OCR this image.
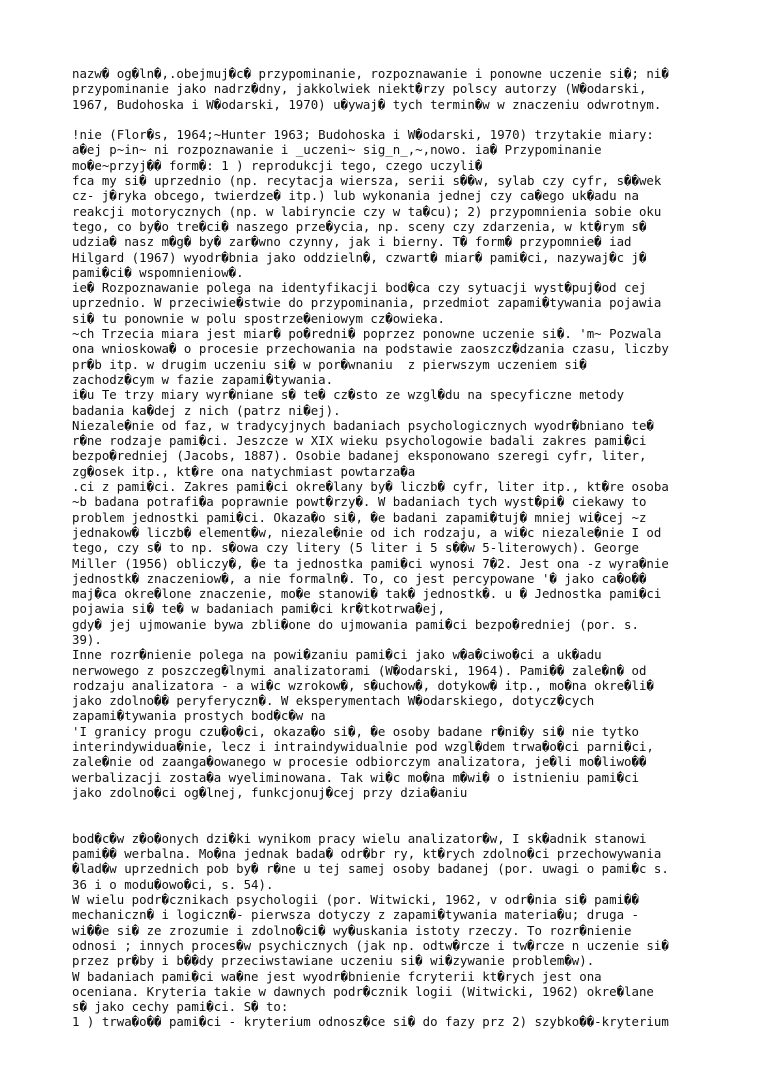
nazw� og�ln�,.obejmuj�c� przypominanie, rozpoznawanie i ponowne uczenie si�; ni�
przypominanie jako nadrz�dny, jakkolwiek niekt�rzy polscy autorzy (W�odarski,
1967, Budohoska i W�odarski, 1970) u�ywaj� tych termin�w w znaczeniu odwrotnym.
!nie (Flor�s, 1964;~Hunter 1963; Budohoska i W�odarski, 1970) trzytakie miary:
a�ej p~in~ ni rozpoznawanie i _uczeni~ sig_n_,~,nowo. ia� Przypominanie
mo�e~przyj�� form�: 1 ) reprodukcji tego, czego uczyli�
fca my si� uprzednio (np. recytacja wiersza, serii s��w, sylab czy cyfr, s��wek
cz- j�ryka obcego, twierdze� itp.) lub wykonania jednej czy ca�ego uk�adu na
reakcji motorycznych (np. w labiryncie czy w ta�cu); 2) przypomnienia sobie oku
tego, co by�o tre�ci� naszego prze�ycia, np. sceny czy zdarzenia, w kt�rym s�
udzia� nasz m�g� by� zar�wno czynny, jak i bierny. T� form� przypomnie� iad
Hilgard (1967) wyodr�bnia jako oddzieln�, czwart� miar� pami�ci, nazywaj�c j�
pami�ci� wspomnieniow�.
ie� Rozpoznawanie polega na identyfikacji bod�ca czy sytuacji wyst�puj�od cej
uprzednio. W przeciwie�stwie do przypominania, przedmiot zapami�tywania pojawia
si� tu ponownie w polu spostrze�eniowym cz�owieka.
~ch Trzecia miara jest miar� po�redni� poprzez ponowne uczenie si�. 'm~ Pozwala
ona wnioskowa� o procesie przechowania na podstawie zaoszcz�dzania czasu, liczby
pr�b itp. w drugim uczeniu si� w por�wnaniu  z pierwszym uczeniem si�
zachodz�cym w fazie zapami�tywania.
i�u Te trzy miary wyr�niane s� te� cz�sto ze wzgl�du na specyficzne metody
badania ka�dej z nich (patrz ni�ej).
Niezale�nie od faz, w tradycyjnych badaniach psychologicznych wyodr�bniano te�
r�ne rodzaje pami�ci. Jeszcze w XIX wieku psychologowie badali zakres pami�ci
bezpo�redniej (Jacobs, 1887). Osobie badanej eksponowano szeregi cyfr, liter,
zg�osek itp., kt�re ona natychmiast powtarza�a
.ci z pami�ci. Zakres pami�ci okre�lany by� liczb� cyfr, liter itp., kt�re osoba
~b badana potrafi�a poprawnie powt�rzy�. W badaniach tych wyst�pi� ciekawy to
problem jednostki pami�ci. Okaza�o si�, �e badani zapami�tuj� mniej wi�cej ~z
jednakow� liczb� element�w, niezale�nie od ich rodzaju, a wi�c niezale�nie I od
tego, czy s� to np. s�owa czy litery (5 liter i 5 s��w 5-literowych). George
Miller (1956) obliczy�, �e ta jednostka pami�ci wynosi 7�2. Jest ona -z wyra�nie
jednostk� znaczeniow�, a nie formaln�. To, co jest percypowane '� jako ca�o��
maj�ca okre�lone znaczenie, mo�e stanowi� tak� jednostk�. u � Jednostka pami�ci
pojawia si� te� w badaniach pami�ci kr�tkotrwa�ej,
gdy� jej ujmowanie bywa zbli�one do ujmowania pami�ci bezpo�redniej (por. s.
39).
Inne rozr�nienie polega na powi�zaniu pami�ci jako w�a�ciwo�ci a uk�adu
nerwowego z poszczeg�lnymi analizatorami (W�odarski, 1964). Pami�� zale�n� od
rodzaju analizatora - a wi�c wzrokow�, s�uchow�, dotykow� itp., mo�na okre�li�
jako zdolno�� peryferyczn�. W eksperymentach W�odarskiego, dotycz�cych
zapami�tywania prostych bod�c�w na
'I granicy progu czu�o�ci, okaza�o si�, �e osoby badane r�ni�y si� nie tytko
interindywidua�nie, lecz i intraindywidualnie pod wzgl�dem trwa�o�ci parni�ci,
zale�nie od zaanga�owanego w procesie odbiorczym analizatora, je�li mo�liwo��
werbalizacji zosta�a wyeliminowana. Tak wi�c mo�na m�wi� o istnieniu pami�ci
jako zdolno�ci og�lnej, funkcjonuj�cej przy dzia�aniu
bod�c�w z�o�onych dzi�ki wynikom pracy wielu analizator�w, I sk�adnik stanowi
pami�� werbalna. Mo�na jednak bada� odr�br ry, kt�rych zdolno�ci przechowywania
�lad�w uprzednich pob by� r�ne u tej samej osoby badanej (por. uwagi o pami�c s.
36 i o modu�owo�ci, s. 54).
W wielu podr�cznikach psychologii (por. Witwicki, 1962, v odr�nia si� pami��
mechaniczn� i logiczn�- pierwsza dotyczy z zapami�tywania materia�u; druga -
wi��e si� ze zrozumie i zdolno�ci� wy�uskania istoty rzeczy. To rozr�nienie
odnosi ; innych proces�w psychicznych (jak np. odtw�rcze i tw�rcze n uczenie si�
przez pr�by i b��dy przeciwstawiane uczeniu si� wi�zywanie problem�w).
W badaniach pami�ci wa�ne jest wyodr�bnienie fcryterii kt�rych jest ona
oceniana. Kryteria takie w dawnych podr�cznik logii (Witwicki, 1962) okre�lane
s� jako cechy pami�ci. S� to:
1 ) trwa�o�� pami�ci - kryterium odnosz�ce si� do fazy prz 2) szybko��-kryterium
